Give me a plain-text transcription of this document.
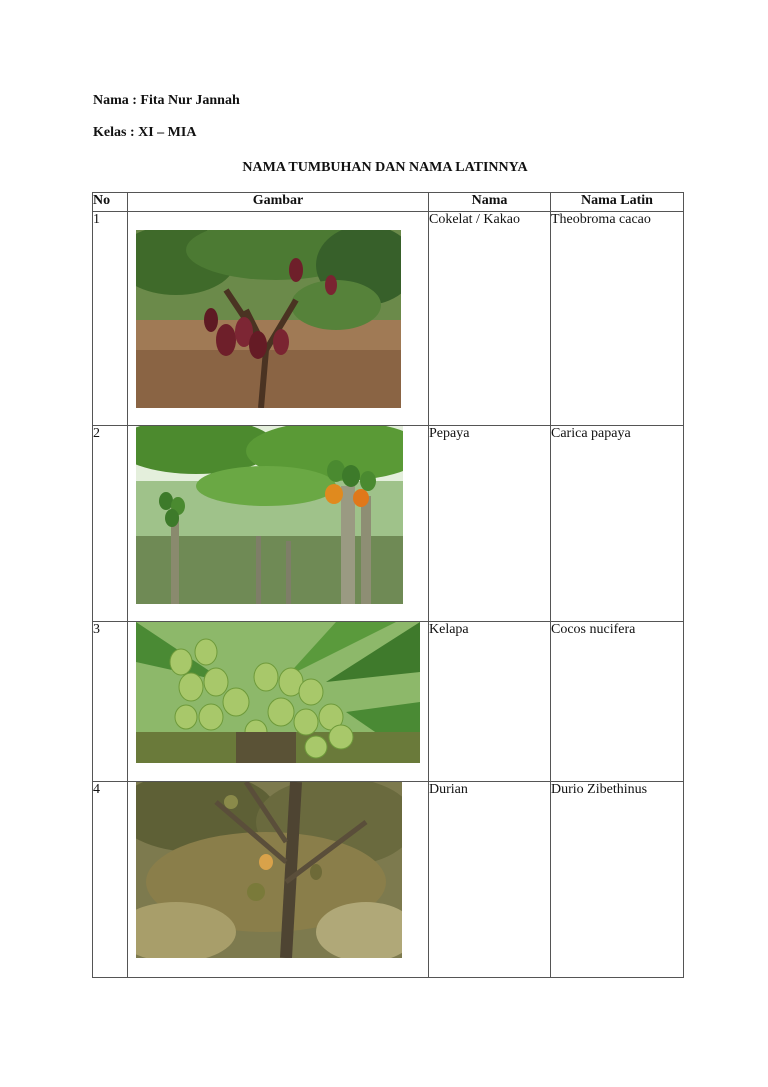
Nama : Fita Nur Jannah
Kelas : XI – MIA
NAMA TUMBUHAN DAN NAMA LATINNYA
No	Gambar	Nama	Nama Latin
1		Cokelat / Kakao	Theobroma cacao
2		Pepaya	Carica papaya
3		Kelapa	Cocos nucifera
4		Durian	Durio Zibethinus
